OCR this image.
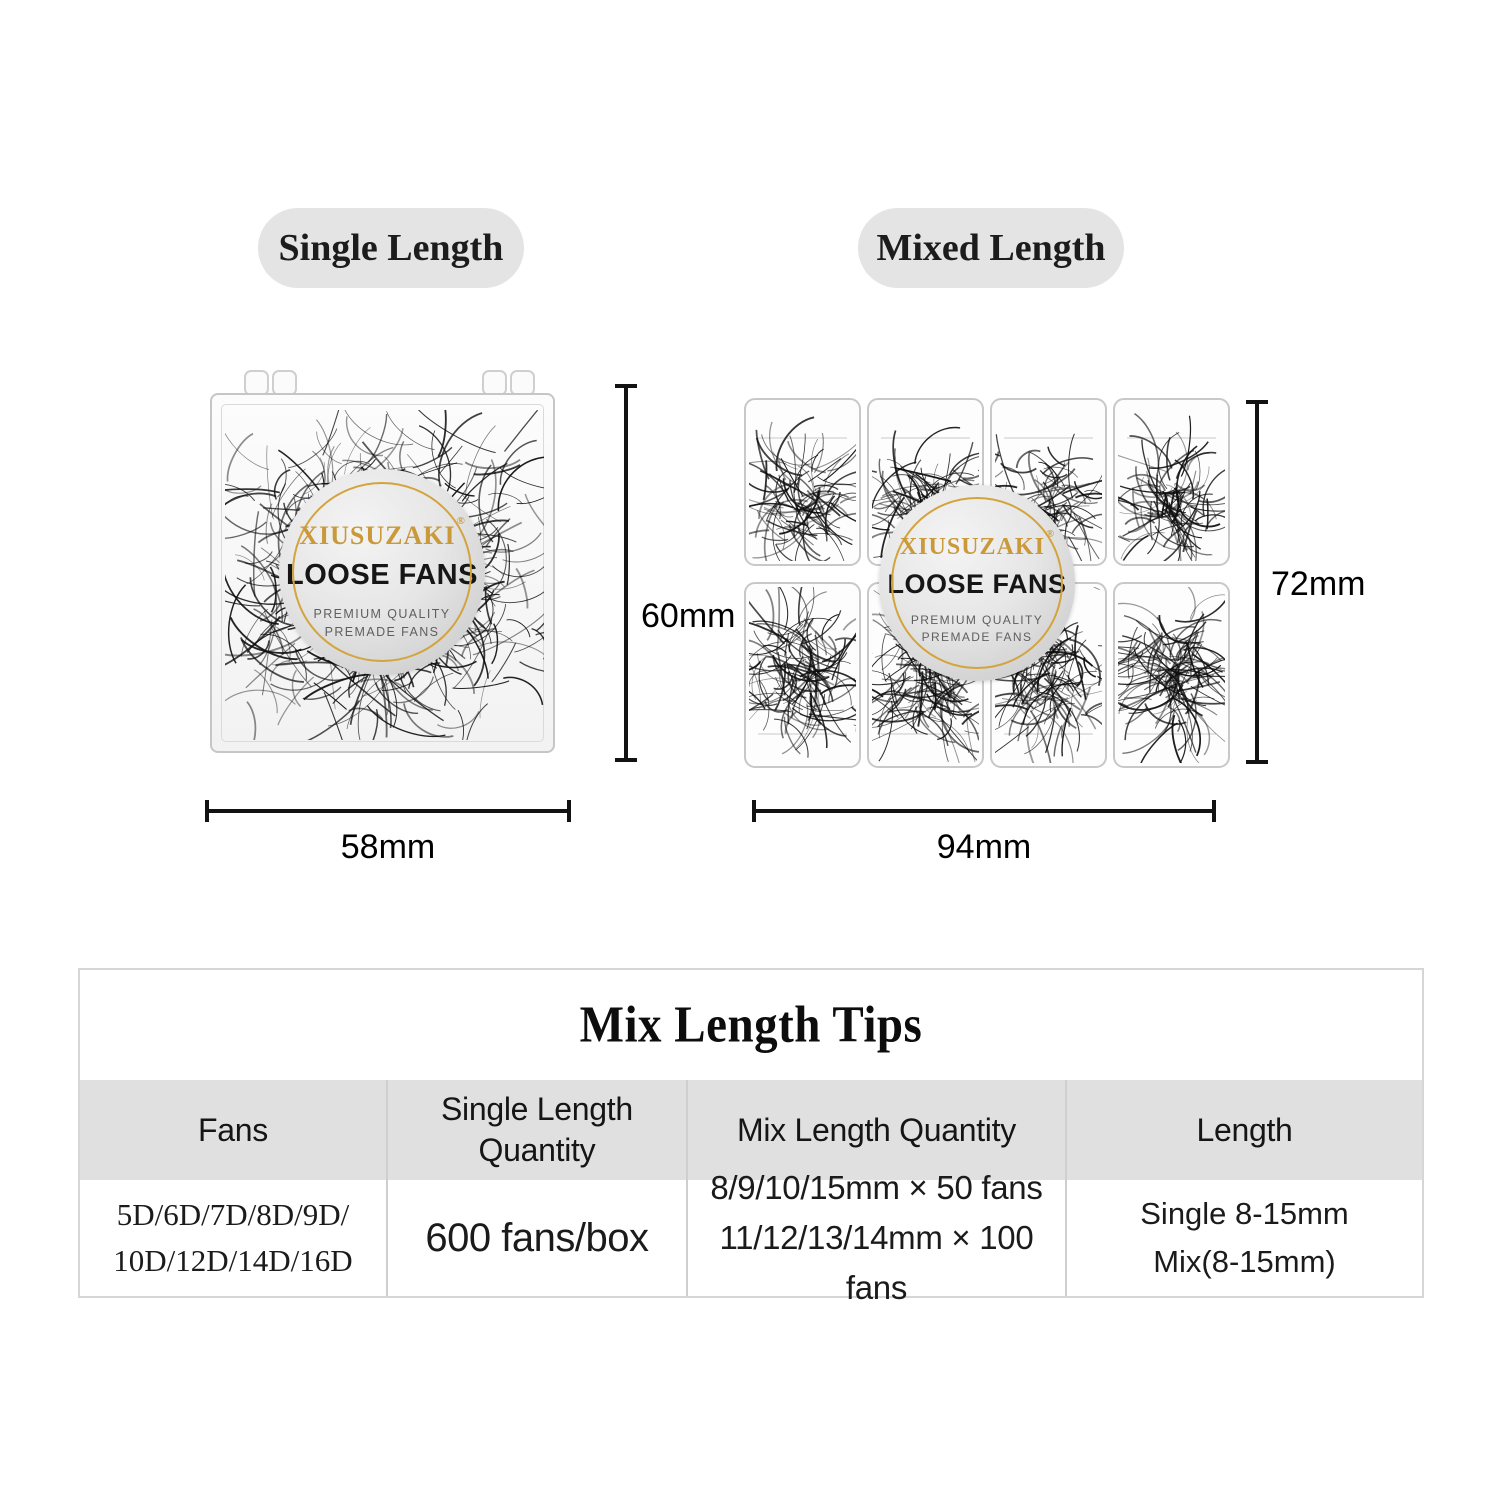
Single Length	Mixed Length
XIUSUZAKI®
LOOSE FANS
PREMIUM QUALITY
PREMADE FANS
XIUSUZAKI®
LOOSE FANS
PREMIUM QUALITY
PREMADE FANS
60mm
58mm
72mm
94mm
Mix Length Tips
Fans
5D/6D/7D/8D/9D/
10D/12D/14D/16D
Single Length Quantity
600 fans/box
Mix Length Quantity
8/9/10/15mm × 50 fans
11/12/13/14mm × 100 fans
Length
Single 8-15mm
Mix(8-15mm)
